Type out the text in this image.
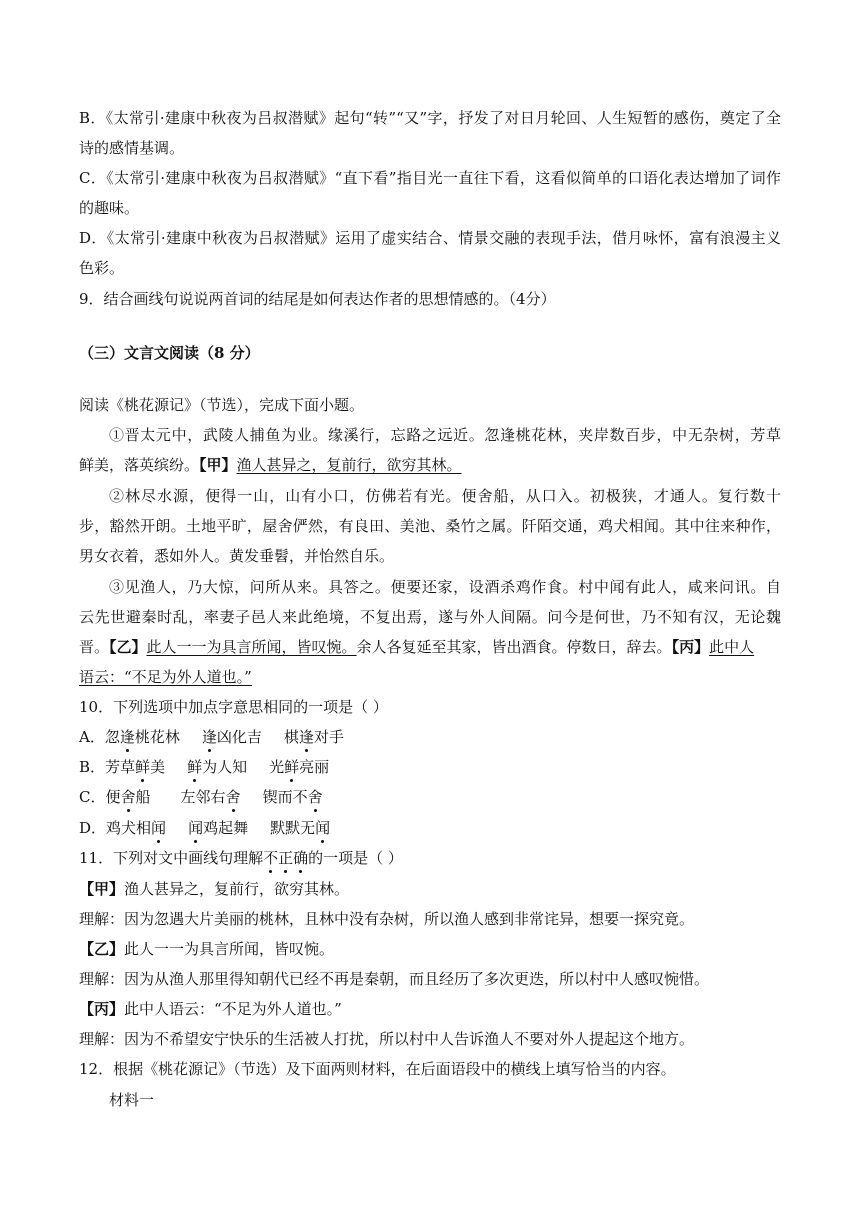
B．《太常引·建康中秋夜为吕叔潜赋》起句“转”“又”字，抒发了对日月轮回、人生短暂的感伤，奠定了全
诗的感情基调。
C．《太常引·建康中秋夜为吕叔潜赋》“直下看”指目光一直往下看，这看似简单的口语化表达增加了词作
的趣味。
D．《太常引·建康中秋夜为吕叔潜赋》运用了虚实结合、情景交融的表现手法，借月咏怀，富有浪漫主义
色彩。
9．结合画线句说说两首词的结尾是如何表达作者的思想情感的。（4分）
（三）文言文阅读（8 分）
阅读《桃花源记》（节选），完成下面小题。
①晋太元中，武陵人捕鱼为业。缘溪行，忘路之远近。忽逢桃花林，夹岸数百步，中无杂树，芳草
鲜美，落英缤纷。【甲】渔人甚异之，复前行，欲穷其林。
②林尽水源，便得一山，山有小口，仿佛若有光。便舍船，从口入。初极狭，才通人。复行数十
步，豁然开朗。土地平旷，屋舍俨然，有良田、美池、桑竹之属。阡陌交通，鸡犬相闻。其中往来种作，
男女衣着，悉如外人。黄发垂髫，并怡然自乐。
③见渔人，乃大惊，问所从来。具答之。便要还家，设酒杀鸡作食。村中闻有此人，咸来问讯。自
云先世避秦时乱，率妻子邑人来此绝境，不复出焉，遂与外人间隔。问今是何世，乃不知有汉，无论魏
晋。【乙】此人一一为具言所闻，皆叹惋。余人各复延至其家，皆出酒食。停数日，辞去。【丙】此中人
语云：“不足为外人道也。”
10．下列选项中加点字意思相同的一项是（ ）
A．忽逢桃花林 逢凶化吉 棋逢对手
B．芳草鲜美 鲜为人知 光鲜亮丽
C．便舍船 左邻右舍 锲而不舍
D．鸡犬相闻 闻鸡起舞 默默无闻
11．下列对文中画线句理解不正确的一项是（ ）
【甲】渔人甚异之，复前行，欲穷其林。
理解：因为忽遇大片美丽的桃林，且林中没有杂树，所以渔人感到非常诧异，想要一探究竟。
【乙】此人一一为具言所闻，皆叹惋。
理解：因为从渔人那里得知朝代已经不再是秦朝，而且经历了多次更迭，所以村中人感叹惋惜。
【丙】此中人语云：“不足为外人道也。”
理解：因为不希望安宁快乐的生活被人打扰，所以村中人告诉渔人不要对外人提起这个地方。
12．根据《桃花源记》（节选）及下面两则材料，在后面语段中的横线上填写恰当的内容。
材料一
